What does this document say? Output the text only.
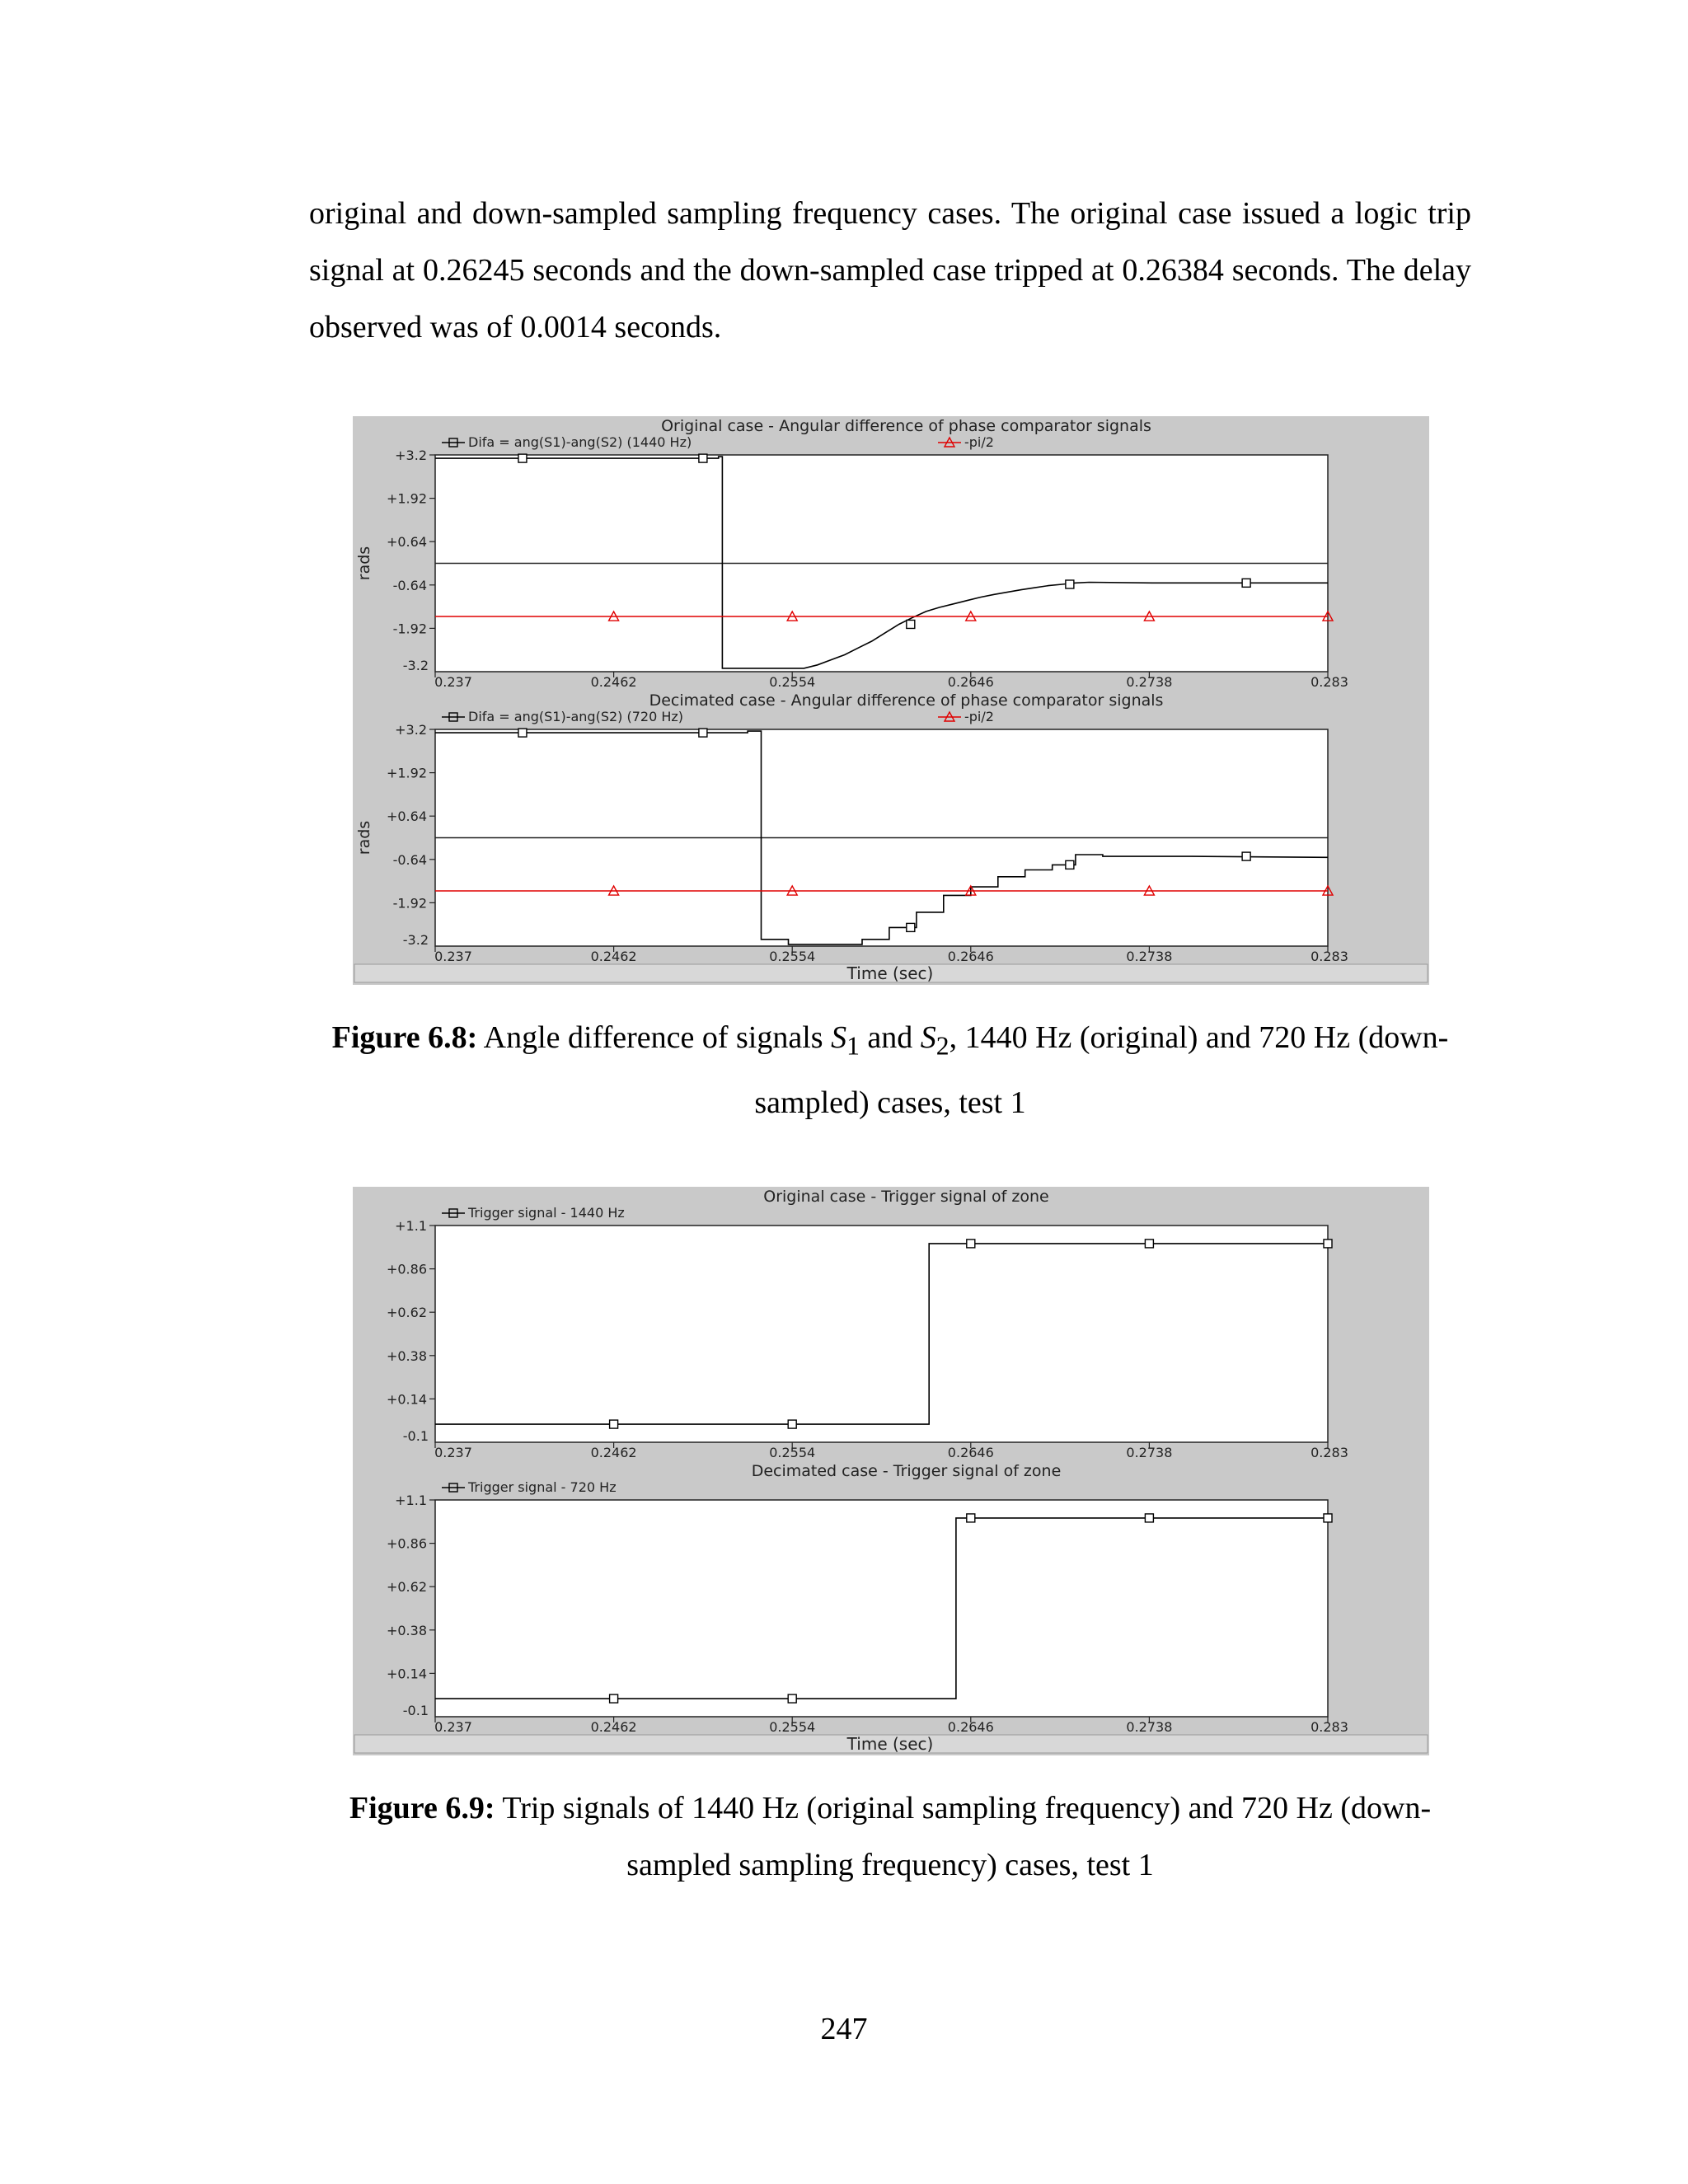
original and down-sampled sampling frequency cases. The original case issued a logic trip signal at 0.26245 seconds and the down-sampled case tripped at 0.26384 seconds. The delay observed was of 0.0014 seconds.

Original case - Angular difference of phase comparator signals
Difa = ang(S1)-ang(S2) (1440 Hz)	-pi/2
+3.2
+1.92
+0.64
-0.64
-1.92
-3.2
rads
0.237	0.2462	0.2554	0.2646	0.2738	0.283
Decimated case - Angular difference of phase comparator signals
Difa = ang(S1)-ang(S2) (720 Hz)	-pi/2
+3.2
+1.92
+0.64
-0.64
-1.92
-3.2
rads
0.237	0.2462	0.2554	0.2646	0.2738	0.283
Time (sec)

Figure 6.8: Angle difference of signals $S_1$ and $S_2$, 1440 Hz (original) and 720 Hz (down-sampled) cases, test 1

Original case - Trigger signal of zone
Trigger signal - 1440 Hz
+1.1
+0.86
+0.62
+0.38
+0.14
-0.1
0.237	0.2462	0.2554	0.2646	0.2738	0.283
Decimated case - Trigger signal of zone
Trigger signal - 720 Hz
+1.1
+0.86
+0.62
+0.38
+0.14
-0.1
0.237	0.2462	0.2554	0.2646	0.2738	0.283
Time (sec)

Figure 6.9: Trip signals of 1440 Hz (original sampling frequency) and 720 Hz (down-sampled sampling frequency) cases, test 1

247
